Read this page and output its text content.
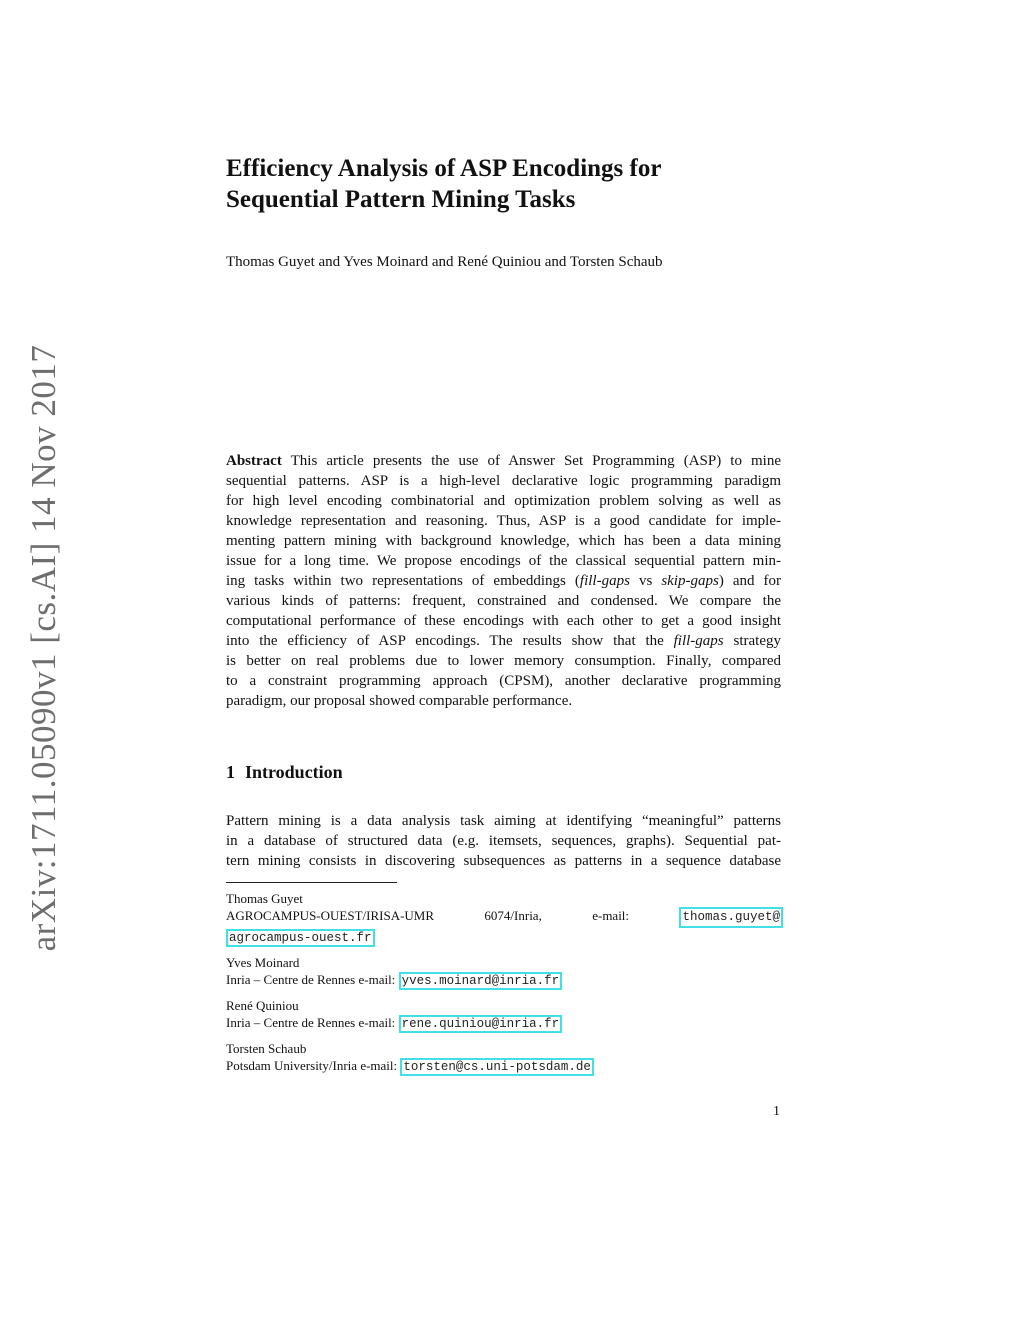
arXiv:1711.05090v1 [cs.AI] 14 Nov 2017
Efficiency Analysis of ASP Encodings for
Sequential Pattern Mining Tasks
Thomas Guyet and Yves Moinard and René Quiniou and Torsten Schaub
Abstract This article presents the use of Answer Set Programming (ASP) to mine
sequential patterns. ASP is a high-level declarative logic programming paradigm
for high level encoding combinatorial and optimization problem solving as well as
knowledge representation and reasoning. Thus, ASP is a good candidate for imple-
menting pattern mining with background knowledge, which has been a data mining
issue for a long time. We propose encodings of the classical sequential pattern min-
ing tasks within two representations of embeddings (fill-gaps vs skip-gaps) and for
various kinds of patterns: frequent, constrained and condensed. We compare the
computational performance of these encodings with each other to get a good insight
into the efficiency of ASP encodings. The results show that the fill-gaps strategy
is better on real problems due to lower memory consumption. Finally, compared
to a constraint programming approach (CPSM), another declarative programming
paradigm, our proposal showed comparable performance.
1 Introduction
Pattern mining is a data analysis task aiming at identifying “meaningful” patterns
in a database of structured data (e.g. itemsets, sequences, graphs). Sequential pat-
tern mining consists in discovering subsequences as patterns in a sequence database
Thomas Guyet
AGROCAMPUS-OUEST/IRISA-UMR	6074/Inria,	e-mail:	thomas.guyet@
agrocampus-ouest.fr
Yves Moinard
Inria – Centre de Rennes e-mail: yves.moinard@inria.fr
René Quiniou
Inria – Centre de Rennes e-mail: rene.quiniou@inria.fr
Torsten Schaub
Potsdam University/Inria e-mail: torsten@cs.uni-potsdam.de
1
